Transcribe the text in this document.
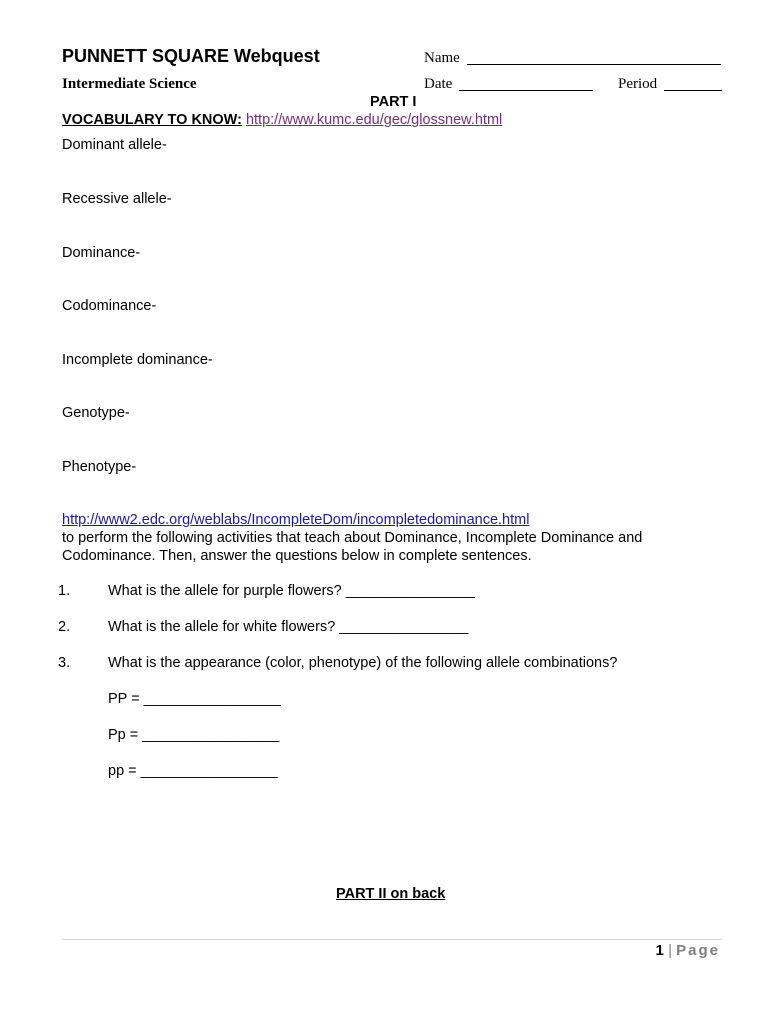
PUNNETT SQUARE Webquest
Intermediate Science
Name
Date	Period
PART I
VOCABULARY TO KNOW: http://www.kumc.edu/gec/glossnew.html
Dominant allele-
Recessive allele-
Dominance-
Codominance-
Incomplete dominance-
Genotype-
Phenotype-
http://www2.edc.org/weblabs/IncompleteDom/incompletedominance.html
to perform the following activities that teach about Dominance, Incomplete Dominance and
Codominance. Then, answer the questions below in complete sentences.
1.	What is the allele for purple flowers? ________________
2.	What is the allele for white flowers? ________________
3.	What is the appearance (color, phenotype) of the following allele combinations?
PP = _________________
Pp = _________________
pp = _________________
PART II on back
1 | Page
